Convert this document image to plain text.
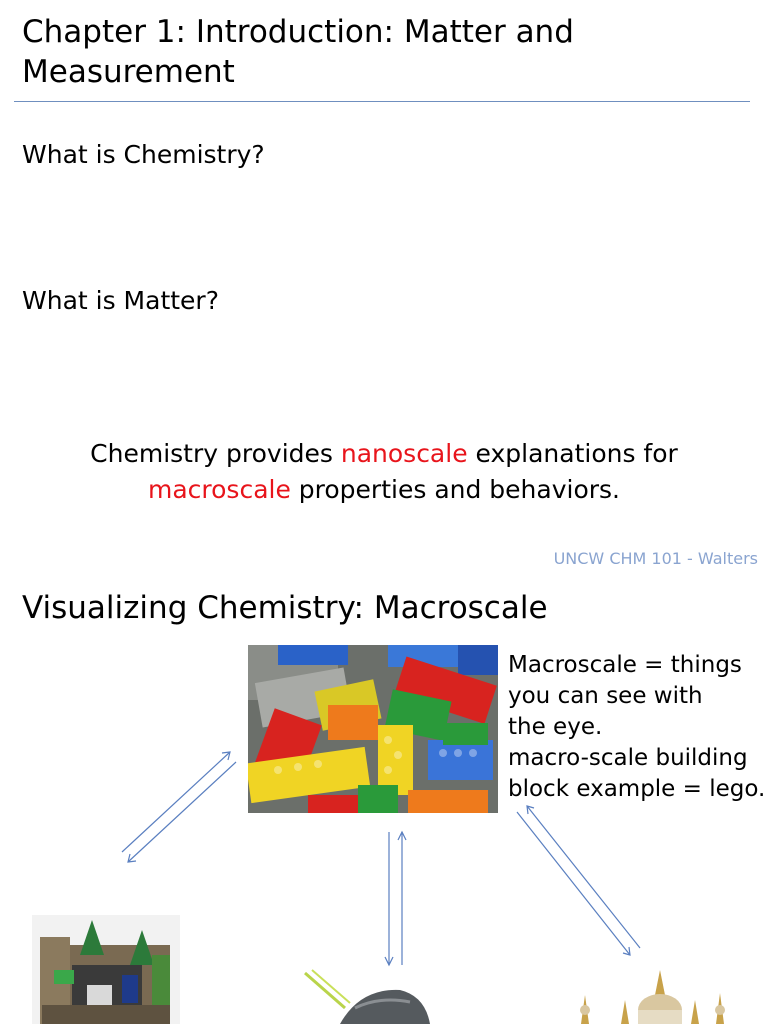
Chapter 1: Introduction: Matter and
Measurement

What is Chemistry?

What is Matter?

Chemistry provides nanoscale explanations for
macroscale properties and behaviors.
UNCW CHM 101 - Walters
Visualizing Chemistry: Macroscale
Macroscale = things
you can see with
the eye.
macro-scale building
block example = lego.
